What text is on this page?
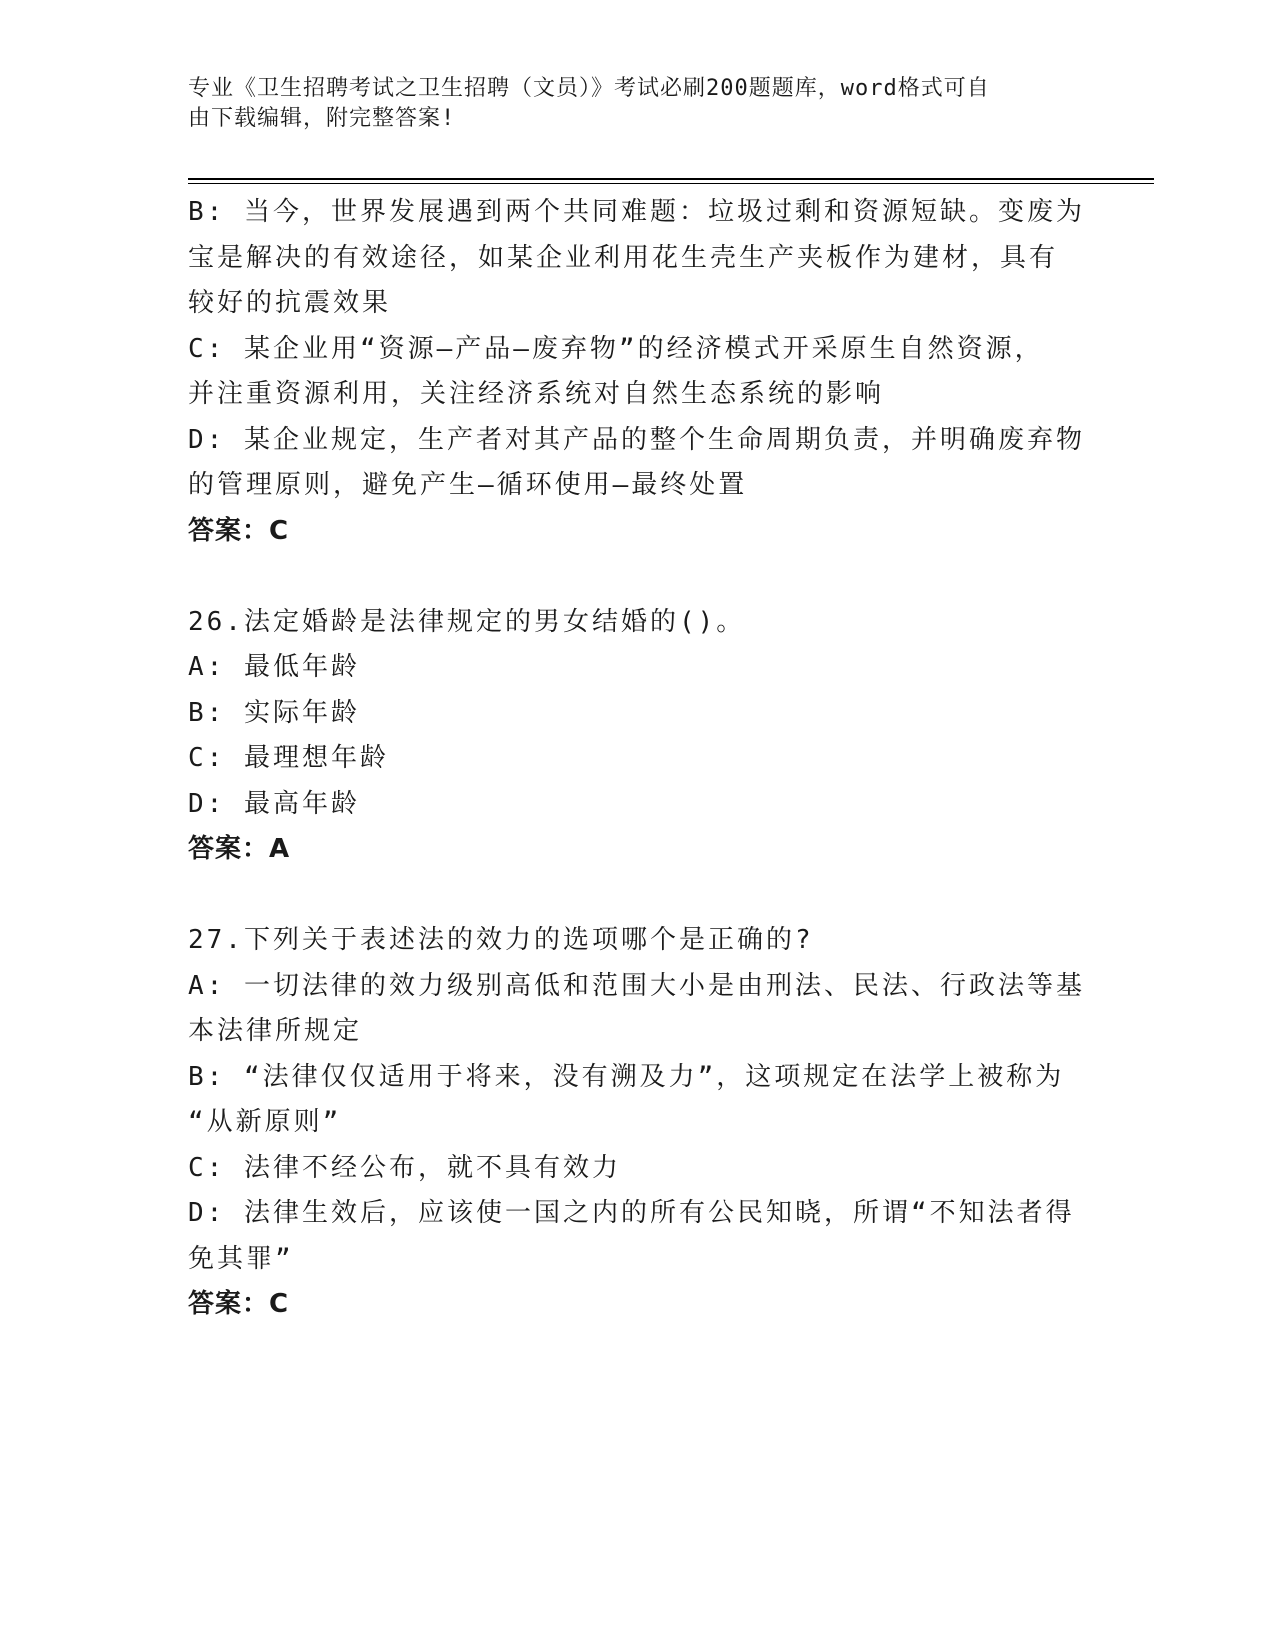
专业《卫生招聘考试之卫生招聘（文员）》考试必刷200题题库，word格式可自
由下载编辑，附完整答案!

B: 当今，世界发展遇到两个共同难题：垃圾过剩和资源短缺。变废为

宝是解决的有效途径，如某企业利用花生壳生产夹板作为建材，具有

较好的抗震效果

C: 某企业用“资源—产品—废弃物”的经济模式开采原生自然资源，

并注重资源利用，关注经济系统对自然生态系统的影响

D: 某企业规定，生产者对其产品的整个生命周期负责，并明确废弃物

的管理原则，避免产生—循环使用—最终处置

答案：C

26.法定婚龄是法律规定的男女结婚的()。

A: 最低年龄

B: 实际年龄

C: 最理想年龄

D: 最高年龄

答案：A

27.下列关于表述法的效力的选项哪个是正确的?

A: 一切法律的效力级别高低和范围大小是由刑法、民法、行政法等基

本法律所规定

B: “法律仅仅适用于将来，没有溯及力”，这项规定在法学上被称为

“从新原则”

C: 法律不经公布，就不具有效力

D: 法律生效后，应该使一国之内的所有公民知晓，所谓“不知法者得

免其罪”

答案：C
